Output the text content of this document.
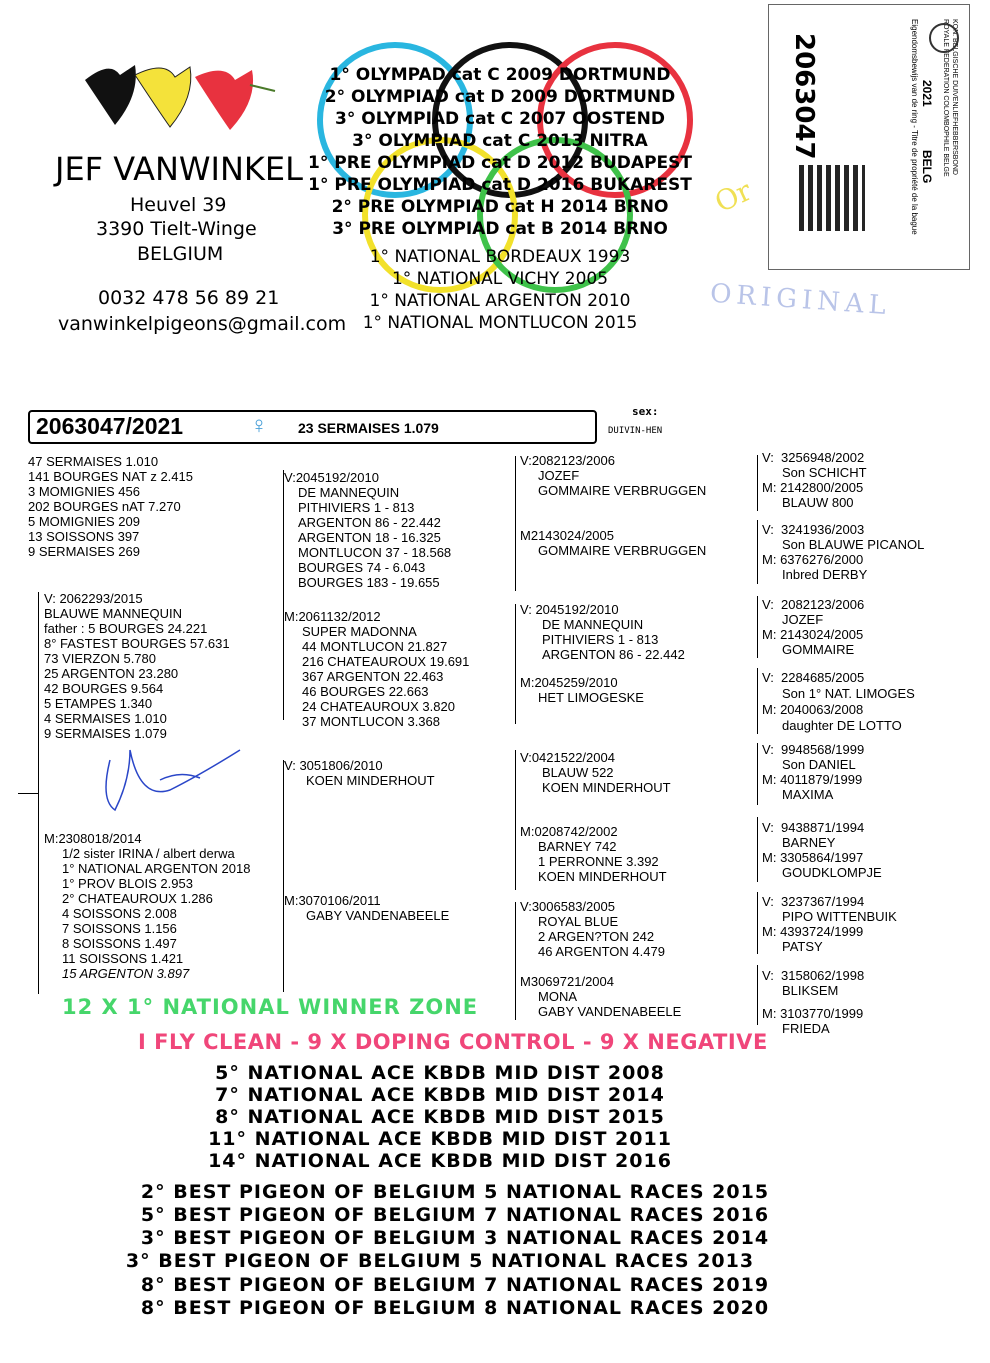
JEF VANWINKEL
Heuvel 39
3390 Tielt-Winge
BELGIUM
0032 478 56 89 21
vanwinkelpigeons@gmail.com
1° OLYMPAD cat C 2009 DORTMUND
2° OLYMPIAD cat D 2009 DORTMUND
3° OLYMPIAD cat C 2007 OOSTEND
3° OLYMPIAD cat C 2013 NITRA
1° PRE OLYMPIAD cat D 2012 BUDAPEST
1° PRE OLYMPIAD cat D 2016 BUKAREST
2° PRE OLYMPIAD cat H 2014 BRNO
3° PRE OLYMPIAD cat B 2014 BRNO
1° NATIONAL BORDEAUX 1993
1° NATIONAL VICHY 2005
1° NATIONAL ARGENTON 2010
1° NATIONAL MONTLUCON 2015
2063047	KON. BELGISCHE DUIVENLIEFHEBBERSBOND
ROYALE FEDERATION COLOMBOPHILE BELGE
2021
BELG
Eigendomsbewijs van de ring - Titre de propriété de la bague
ORIGINAL
Or
2063047/2021	♀ 23 SERMAISES 1.079
sex:
DUIVIN-HEN
47 SERMAISES 1.010
141 BOURGES NAT z 2.415
3 MOMIGNIES 456
202 BOURGES nAT 7.270
5 MOMIGNIES 209
13 SOISSONS 397
9 SERMAISES 269
V: 2062293/2015
BLAUWE MANNEQUIN
father : 5 BOURGES 24.221
8° FASTEST BOURGES 57.631
73 VIERZON 5.780
25 ARGENTON 23.280
42 BOURGES 9.564
5 ETAMPES 1.340
4 SERMAISES 1.010
9 SERMAISES 1.079
M:2308018/2014
1/2 sister IRINA / albert derwa
1° NATIONAL ARGENTON 2018
1° PROV BLOIS 2.953
2° CHATEAUROUX 1.286
4 SOISSONS 2.008
7 SOISSONS 1.156
8 SOISSONS 1.497
11 SOISSONS 1.421
15 ARGENTON 3.897
V:2045192/2010
DE MANNEQUIN
PITHIVIERS 1 - 813
ARGENTON 86 - 22.442
ARGENTON 18 - 16.325
MONTLUCON 37 - 18.568
BOURGES 74 - 6.043
BOURGES 183 - 19.655
M:2061132/2012
SUPER MADONNA
44 MONTLUCON 21.827
216 CHATEAUROUX 19.691
367 ARGENTON 22.463
46 BOURGES 22.663
24 CHATEAUROUX 3.820
37 MONTLUCON 3.368
V: 3051806/2010
KOEN MINDERHOUT
M:3070106/2011
GABY VANDENABEELE
V:2082123/2006
JOZEF
GOMMAIRE VERBRUGGEN
M2143024/2005
GOMMAIRE VERBRUGGEN
V: 2045192/2010
DE MANNEQUIN
PITHIVIERS 1 - 813
ARGENTON 86 - 22.442
M:2045259/2010
HET LIMOGESKE
V:0421522/2004
BLAUW 522
KOEN MINDERHOUT
M:0208742/2002
BARNEY 742
1 PERRONNE 3.392
KOEN MINDERHOUT
V:3006583/2005
ROYAL BLUE
2 ARGEN?TON 242
46 ARGENTON 4.479
M3069721/2004
MONA
GABY VANDENABEELE
V:  3256948/2002
Son SCHICHT
M: 2142800/2005
BLAUW 800
V:  3241936/2003
Son BLAUWE PICANOL
M: 6376276/2000
Inbred DERBY
V:  2082123/2006
JOZEF
M: 2143024/2005
GOMMAIRE
V:  2284685/2005
Son 1° NAT. LIMOGES
M: 2040063/2008
daughter DE LOTTO
V:  9948568/1999
Son DANIEL
M: 4011879/1999
MAXIMA
V:  9438871/1994
BARNEY
M: 3305864/1997
GOUDKLOMPJE
V:  3237367/1994
PIPO WITTENBUIK
M: 4393724/1999
PATSY
V:  3158062/1998
BLIKSEM
M: 3103770/1999
FRIEDA
12 X 1° NATIONAL WINNER ZONE
I FLY CLEAN - 9 X DOPING CONTROL - 9 X NEGATIVE
5° NATIONAL ACE KBDB MID DIST 2008
7° NATIONAL ACE KBDB MID DIST 2014
8° NATIONAL ACE KBDB MID DIST 2015
11° NATIONAL ACE KBDB MID DIST 2011
14° NATIONAL ACE KBDB MID DIST 2016
2° BEST PIGEON OF BELGIUM 5 NATIONAL RACES 2015
5° BEST PIGEON OF BELGIUM 7 NATIONAL RACES 2016
3° BEST PIGEON OF BELGIUM 3 NATIONAL RACES 2014
3° BEST PIGEON OF BELGIUM 5 NATIONAL RACES 2013
8° BEST PIGEON OF BELGIUM 7 NATIONAL RACES 2019
8° BEST PIGEON OF BELGIUM 8 NATIONAL RACES 2020
